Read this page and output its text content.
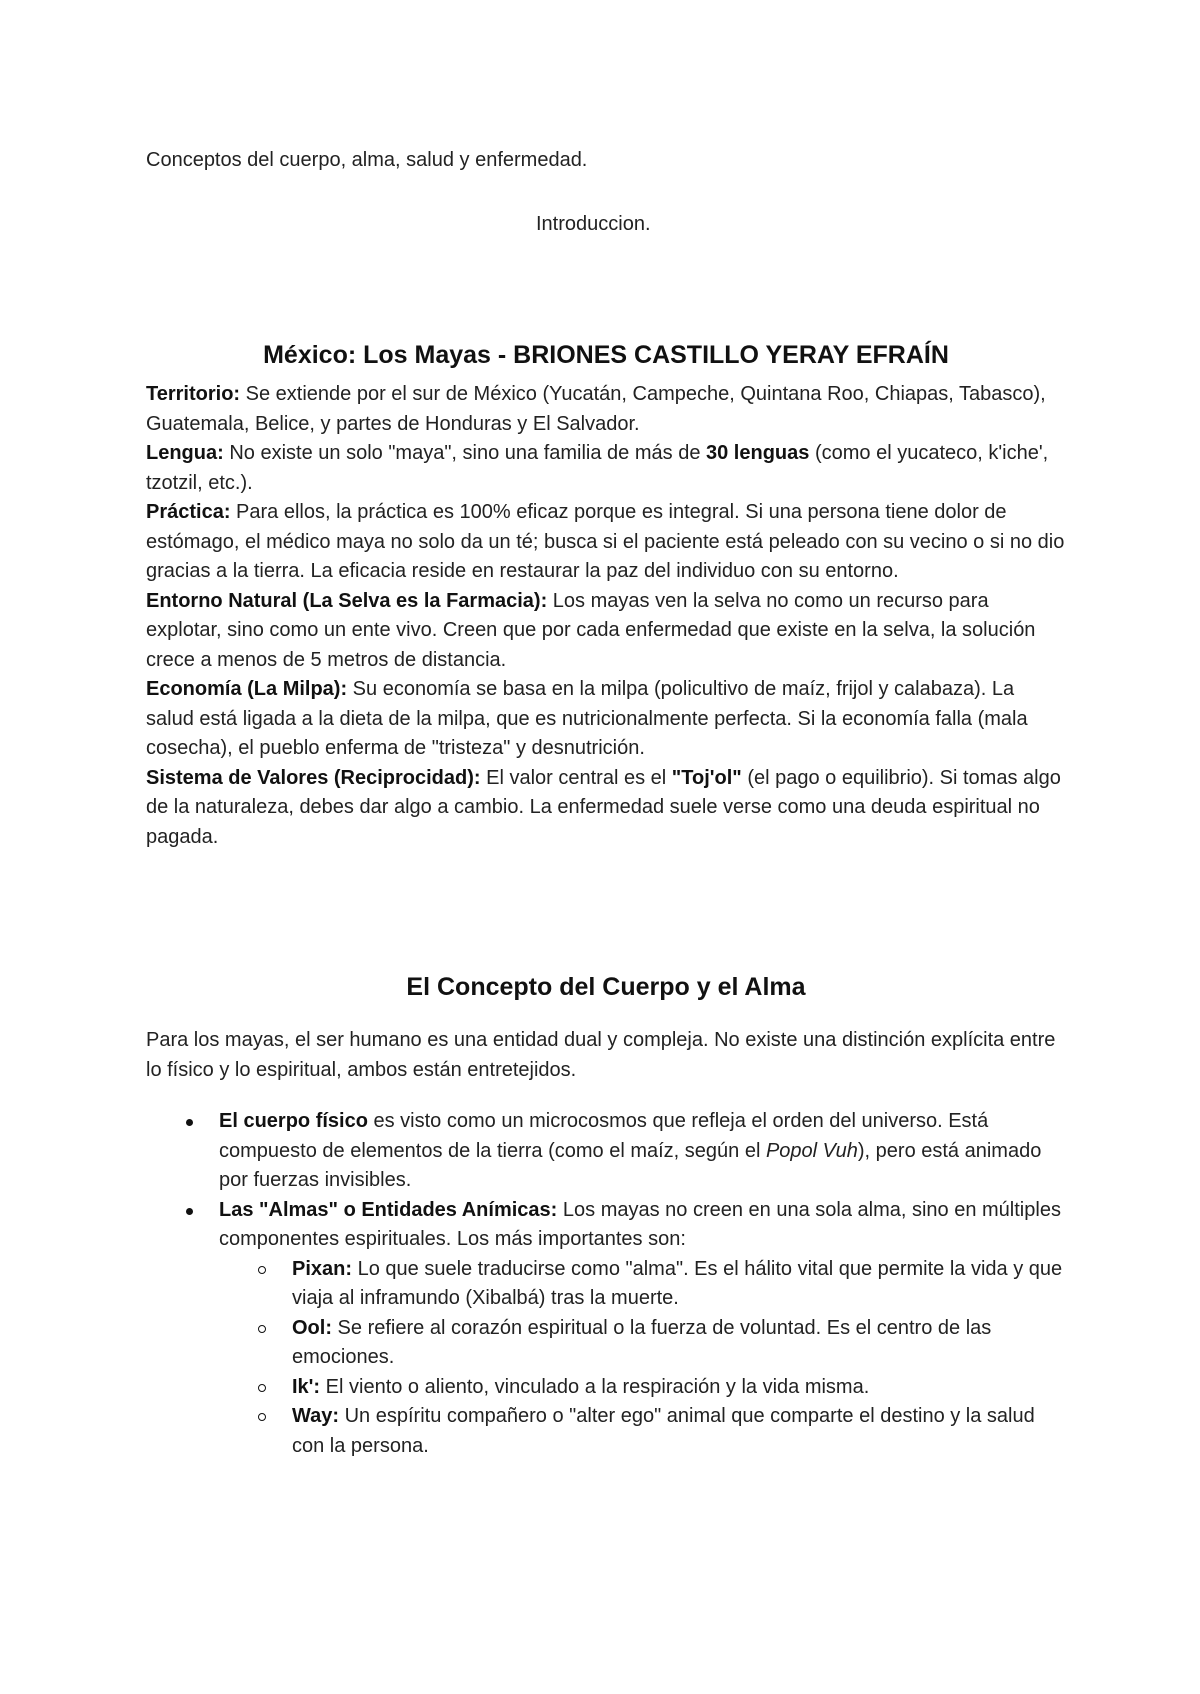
Conceptos del cuerpo, alma, salud y enfermedad.
Introduccion.
México: Los Mayas - BRIONES CASTILLO YERAY EFRAÍN

Territorio: Se extiende por el sur de México (Yucatán, Campeche, Quintana Roo, Chiapas, Tabasco), Guatemala, Belice, y partes de Honduras y El Salvador.

Lengua: No existe un solo "maya", sino una familia de más de 30 lenguas (como el yucateco, k'iche', tzotzil, etc.).

Práctica: Para ellos, la práctica es 100% eficaz porque es integral. Si una persona tiene dolor de estómago, el médico maya no solo da un té; busca si el paciente está peleado con su vecino o si no dio gracias a la tierra. La eficacia reside en restaurar la paz del individuo con su entorno.

Entorno Natural (La Selva es la Farmacia): Los mayas ven la selva no como un recurso para explotar, sino como un ente vivo. Creen que por cada enfermedad que existe en la selva, la solución crece a menos de 5 metros de distancia.

Economía (La Milpa): Su economía se basa en la milpa (policultivo de maíz, frijol y calabaza). La salud está ligada a la dieta de la milpa, que es nutricionalmente perfecta. Si la economía falla (mala cosecha), el pueblo enferma de "tristeza" y desnutrición.

Sistema de Valores (Reciprocidad): El valor central es el "Toj'ol" (el pago o equilibrio). Si tomas algo de la naturaleza, debes dar algo a cambio. La enfermedad suele verse como una deuda espiritual no pagada.

El Concepto del Cuerpo y el Alma

Para los mayas, el ser humano es una entidad dual y compleja. No existe una distinción explícita entre lo físico y lo espiritual, ambos están entretejidos.

El cuerpo físico es visto como un microcosmos que refleja el orden del universo. Está compuesto de elementos de la tierra (como el maíz, según el Popol Vuh), pero está animado por fuerzas invisibles.
Las "Almas" o Entidades Anímicas: Los mayas no creen en una sola alma, sino en múltiples componentes espirituales. Los más importantes son:
Pixan: Lo que suele traducirse como "alma". Es el hálito vital que permite la vida y que viaja al inframundo (Xibalbá) tras la muerte.
Ool: Se refiere al corazón espiritual o la fuerza de voluntad. Es el centro de las emociones.
Ik': El viento o aliento, vinculado a la respiración y la vida misma.
Way: Un espíritu compañero o "alter ego" animal que comparte el destino y la salud con la persona.
